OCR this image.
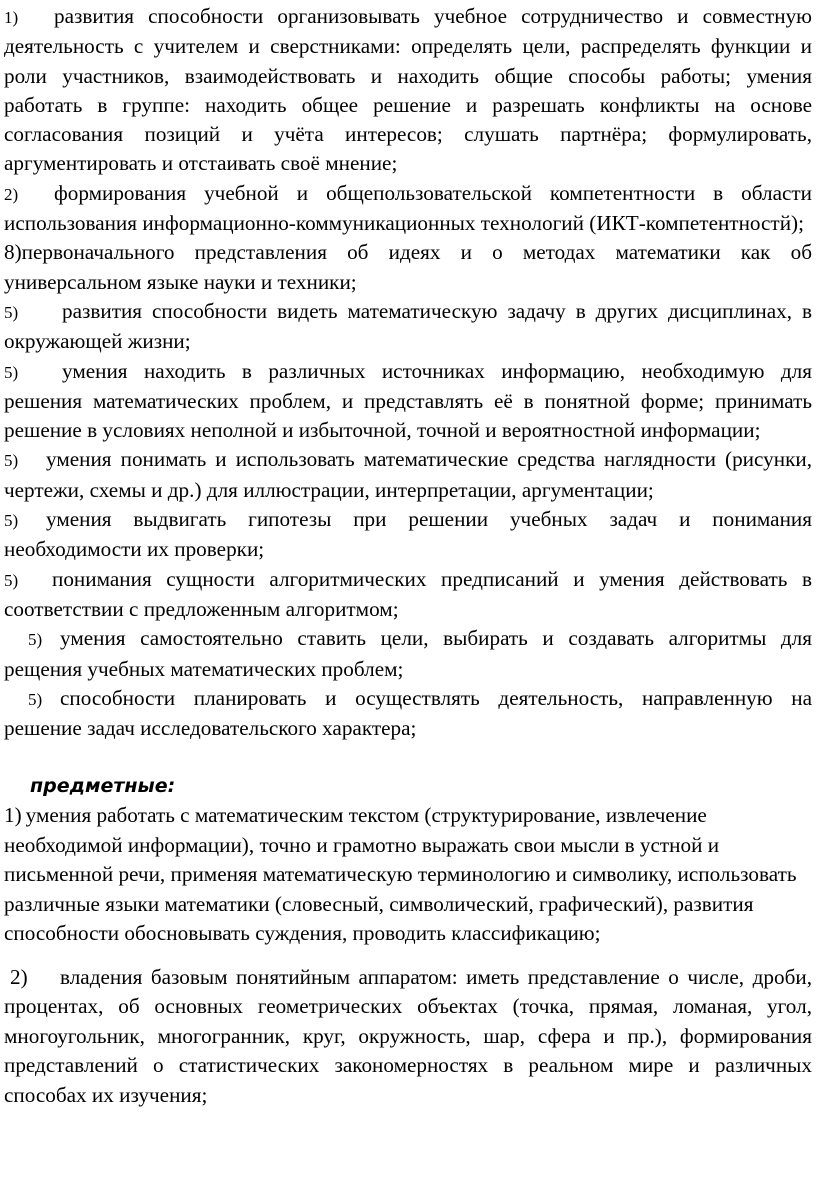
1) развития способности организовывать учебное сотрудничество и совместную деятельность с учителем и сверстниками: определять цели, распределять функции и роли участников, взаимодействовать и находить общие способы работы; умения работать в группе: находить общее решение и разрешать конфликты на основе согласования позиций и учёта интересов; слушать партнёра; формулировать, аргументировать и отстаивать своё мнение;

2) формирования учебной и общепользовательской компетентности в области использования информационно-коммуникационных технологий (ИКТ-компетентностй);

8)первоначального представления об идеях и о методах математики как об универсальном языке науки и техники;

5) развития способности видеть математическую задачу в других дисциплинах, в окружающей жизни;

5) умения находить в различных источниках информацию, необходимую для решения математических проблем, и представлять её в понятной форме; принимать решение в условиях неполной и избыточной, точной и вероятностной информации;

5) умения понимать и использовать математические средства наглядности (рисунки, чертежи, схемы и др.) для иллюстрации, интерпретации, аргументации;

5) умения выдвигать гипотезы при решении учебных задач и понимания необходимости их проверки;

5) понимания сущности алгоритмических предписаний и умения действовать в соответствии с предложенным алгоритмом;

5) умения самостоятельно ставить цели, выбирать и создавать алгоритмы для рещения учебных математических проблем;

5) способности планировать и осуществлять деятельность, направленную на решение задач исследовательского характера;

предметные:

1) умения работать с математическим текстом (структурирование, извлечение необходимой информации), точно и грамотно выражать свои мысли в устной и письменной речи, применяя математическую терминологию и символику, использовать различные языки математики (словесный, символический, графический), развития способности обосновывать суждения, проводить классификацию;

2) владения базовым понятийным аппаратом: иметь представление о числе, дроби, процентах, об основных геометрических объектах (точка, прямая, ломаная, угол, многоугольник, многогранник, круг, окружность, шар, сфера и пр.), формирования представлений о статистических закономерностях в реальном мире и различных способах их изучения;
